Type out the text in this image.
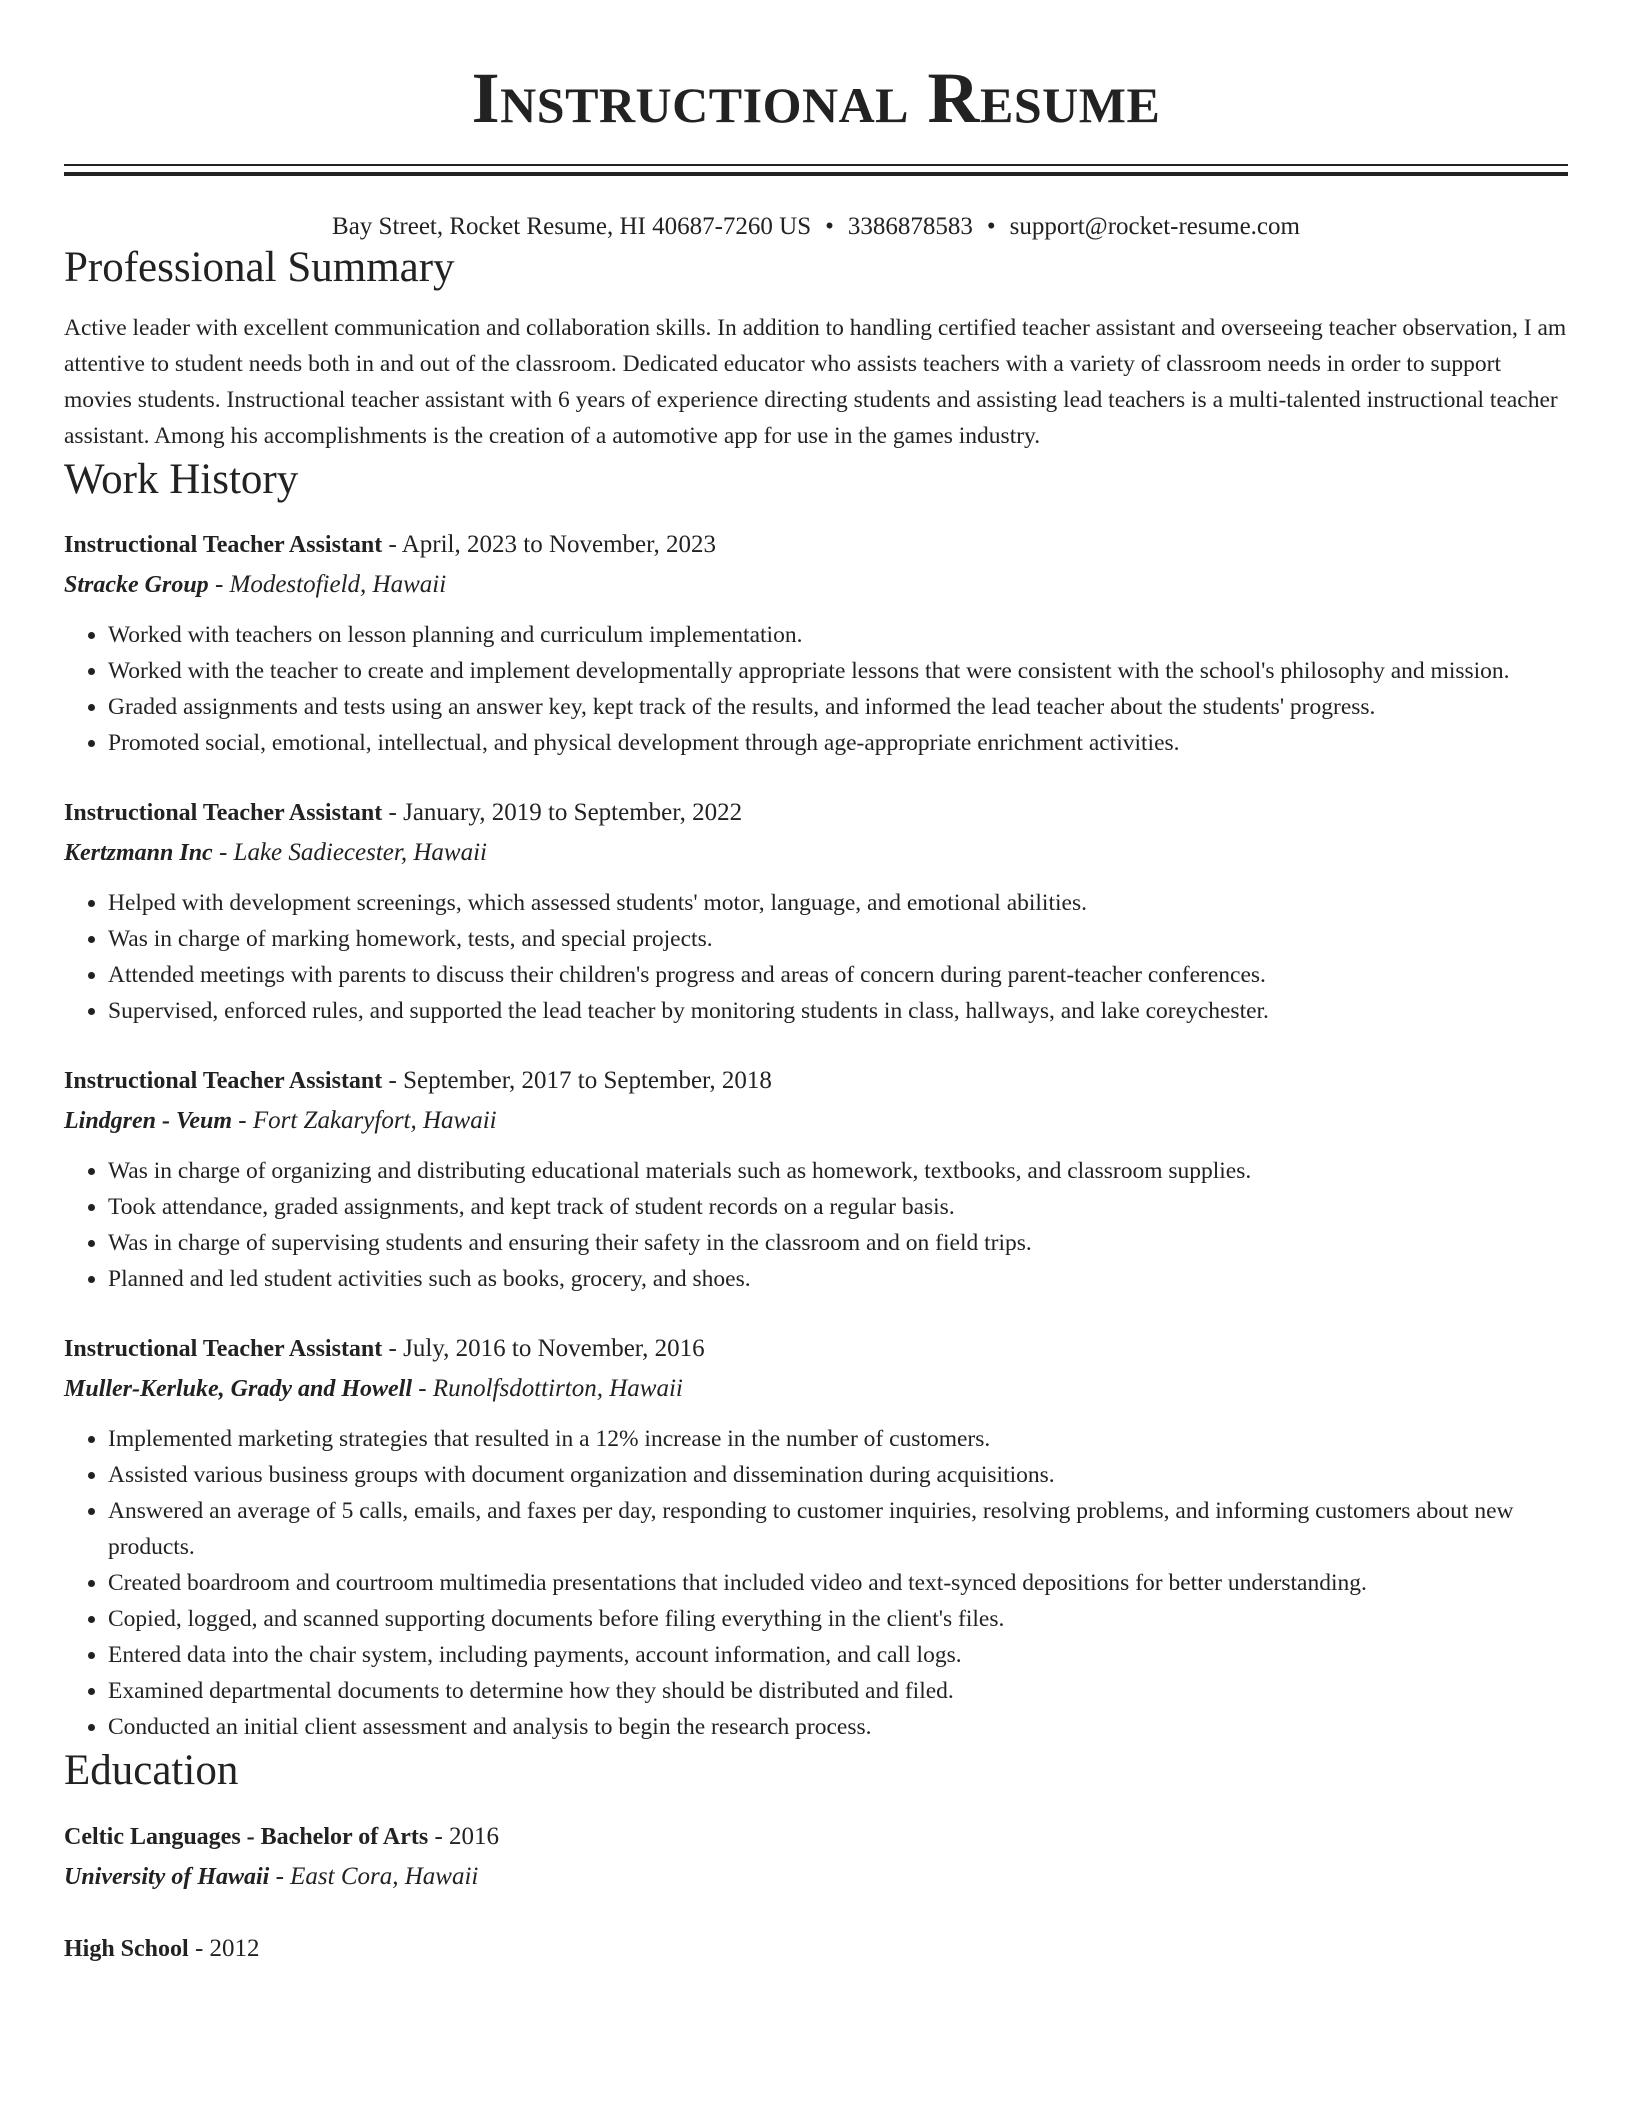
Instructional Resume
Bay Street, Rocket Resume, HI 40687-7260 US • 3386878583 • support@rocket-resume.com
Professional Summary

Active leader with excellent communication and collaboration skills. In addition to handling certified teacher assistant and overseeing teacher observation, I am attentive to student needs both in and out of the classroom. Dedicated educator who assists teachers with a variety of classroom needs in order to support movies students. Instructional teacher assistant with 6 years of experience directing students and assisting lead teachers is a multi-talented instructional teacher assistant. Among his accomplishments is the creation of a automotive app for use in the games industry.

Work History
Instructional Teacher Assistant - April, 2023 to November, 2023
Stracke Group - Modestofield, Hawaii
• Worked with teachers on lesson planning and curriculum implementation.
• Worked with the teacher to create and implement developmentally appropriate lessons that were consistent with the school's philosophy and mission.
• Graded assignments and tests using an answer key, kept track of the results, and informed the lead teacher about the students' progress.
• Promoted social, emotional, intellectual, and physical development through age-appropriate enrichment activities.
Instructional Teacher Assistant - January, 2019 to September, 2022
Kertzmann Inc - Lake Sadiecester, Hawaii
• Helped with development screenings, which assessed students' motor, language, and emotional abilities.
• Was in charge of marking homework, tests, and special projects.
• Attended meetings with parents to discuss their children's progress and areas of concern during parent-teacher conferences.
• Supervised, enforced rules, and supported the lead teacher by monitoring students in class, hallways, and lake coreychester.
Instructional Teacher Assistant - September, 2017 to September, 2018
Lindgren - Veum - Fort Zakaryfort, Hawaii
• Was in charge of organizing and distributing educational materials such as homework, textbooks, and classroom supplies.
• Took attendance, graded assignments, and kept track of student records on a regular basis.
• Was in charge of supervising students and ensuring their safety in the classroom and on field trips.
• Planned and led student activities such as books, grocery, and shoes.
Instructional Teacher Assistant - July, 2016 to November, 2016
Muller-Kerluke, Grady and Howell - Runolfsdottirton, Hawaii
• Implemented marketing strategies that resulted in a 12% increase in the number of customers.
• Assisted various business groups with document organization and dissemination during acquisitions.
• Answered an average of 5 calls, emails, and faxes per day, responding to customer inquiries, resolving problems, and informing customers about new products.
• Created boardroom and courtroom multimedia presentations that included video and text-synced depositions for better understanding.
• Copied, logged, and scanned supporting documents before filing everything in the client's files.
• Entered data into the chair system, including payments, account information, and call logs.
• Examined departmental documents to determine how they should be distributed and filed.
• Conducted an initial client assessment and analysis to begin the research process.
Education
Celtic Languages - Bachelor of Arts - 2016
University of Hawaii - East Cora, Hawaii
High School - 2012
